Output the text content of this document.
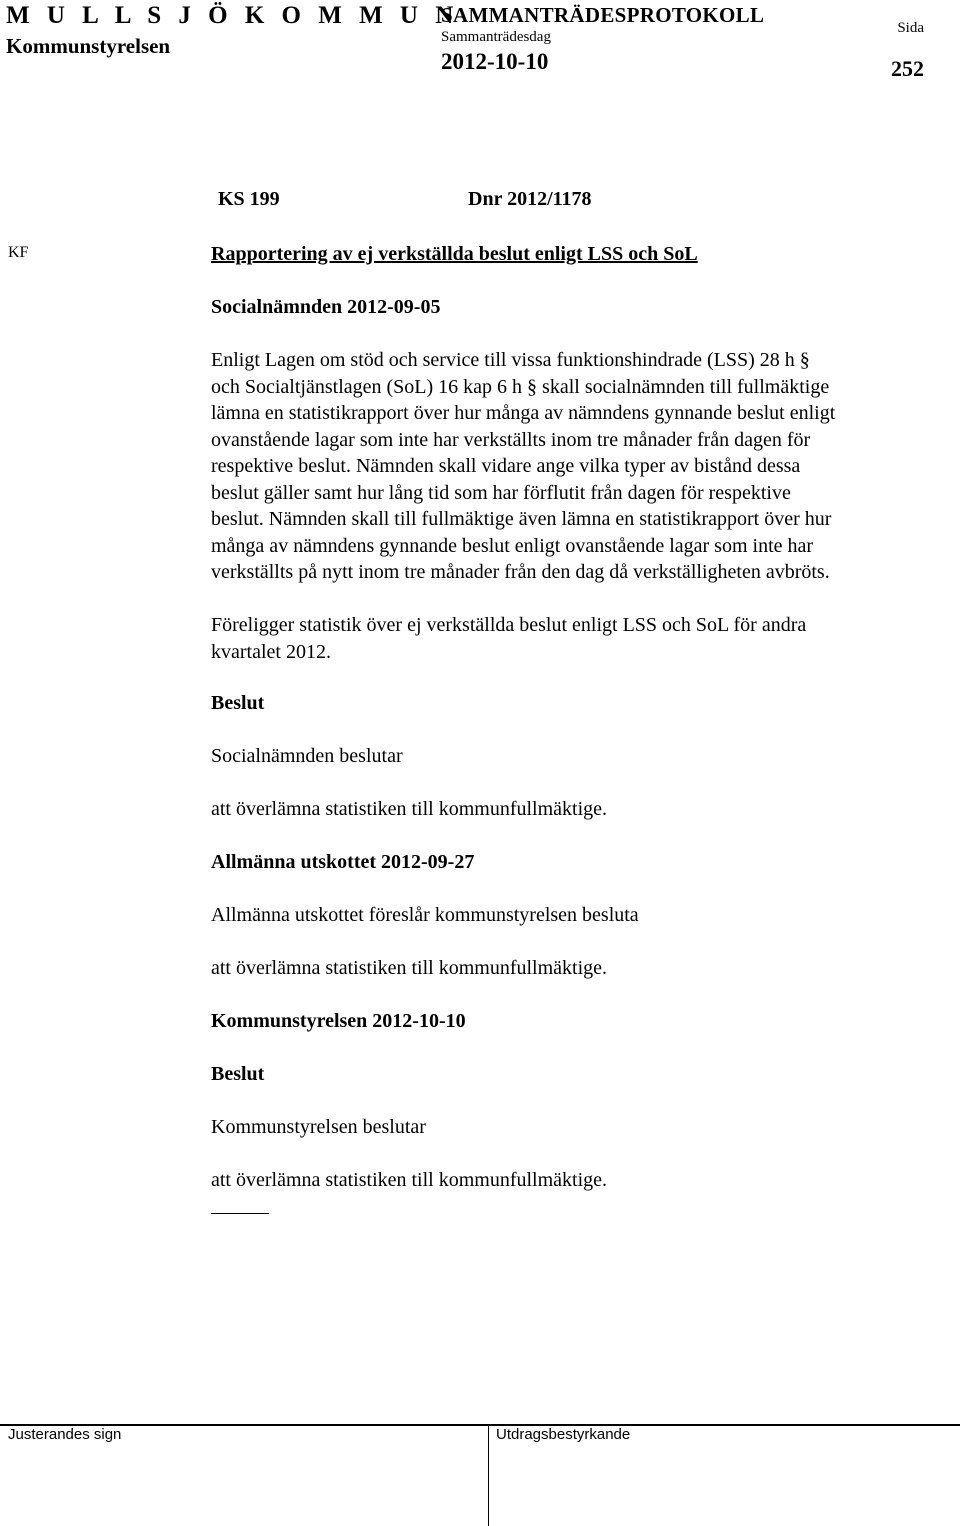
M U L L S J Ö K O M M U N
Kommunstyrelsen
SAMMANTRÄDESPROTOKOLL
Sammanträdesdag
2012-10-10
Sida
252
KS 199	Dnr 2012/1178
KF	Rapportering av ej verkställda beslut enligt LSS och SoL
Socialnämnden 2012-09-05
Enligt Lagen om stöd och service till vissa funktionshindrade (LSS) 28 h §
och Socialtjänstlagen (SoL) 16 kap 6 h § skall socialnämnden till fullmäktige
lämna en statistikrapport över hur många av nämndens gynnande beslut enligt
ovanstående lagar som inte har verkställts inom tre månader från dagen för
respektive beslut. Nämnden skall vidare ange vilka typer av bistånd dessa
beslut gäller samt hur lång tid som har förflutit från dagen för respektive
beslut. Nämnden skall till fullmäktige även lämna en statistikrapport över hur
många av nämndens gynnande beslut enligt ovanstående lagar som inte har
verkställts på nytt inom tre månader från den dag då verkställigheten avbröts.
Föreligger statistik över ej verkställda beslut enligt LSS och SoL för andra
kvartalet 2012.
Beslut
Socialnämnden beslutar
att överlämna statistiken till kommunfullmäktige.
Allmänna utskottet 2012-09-27
Allmänna utskottet föreslår kommunstyrelsen besluta
att överlämna statistiken till kommunfullmäktige.
Kommunstyrelsen 2012-10-10
Beslut
Kommunstyrelsen beslutar
att överlämna statistiken till kommunfullmäktige.
Justerandes sign	Utdragsbestyrkande
